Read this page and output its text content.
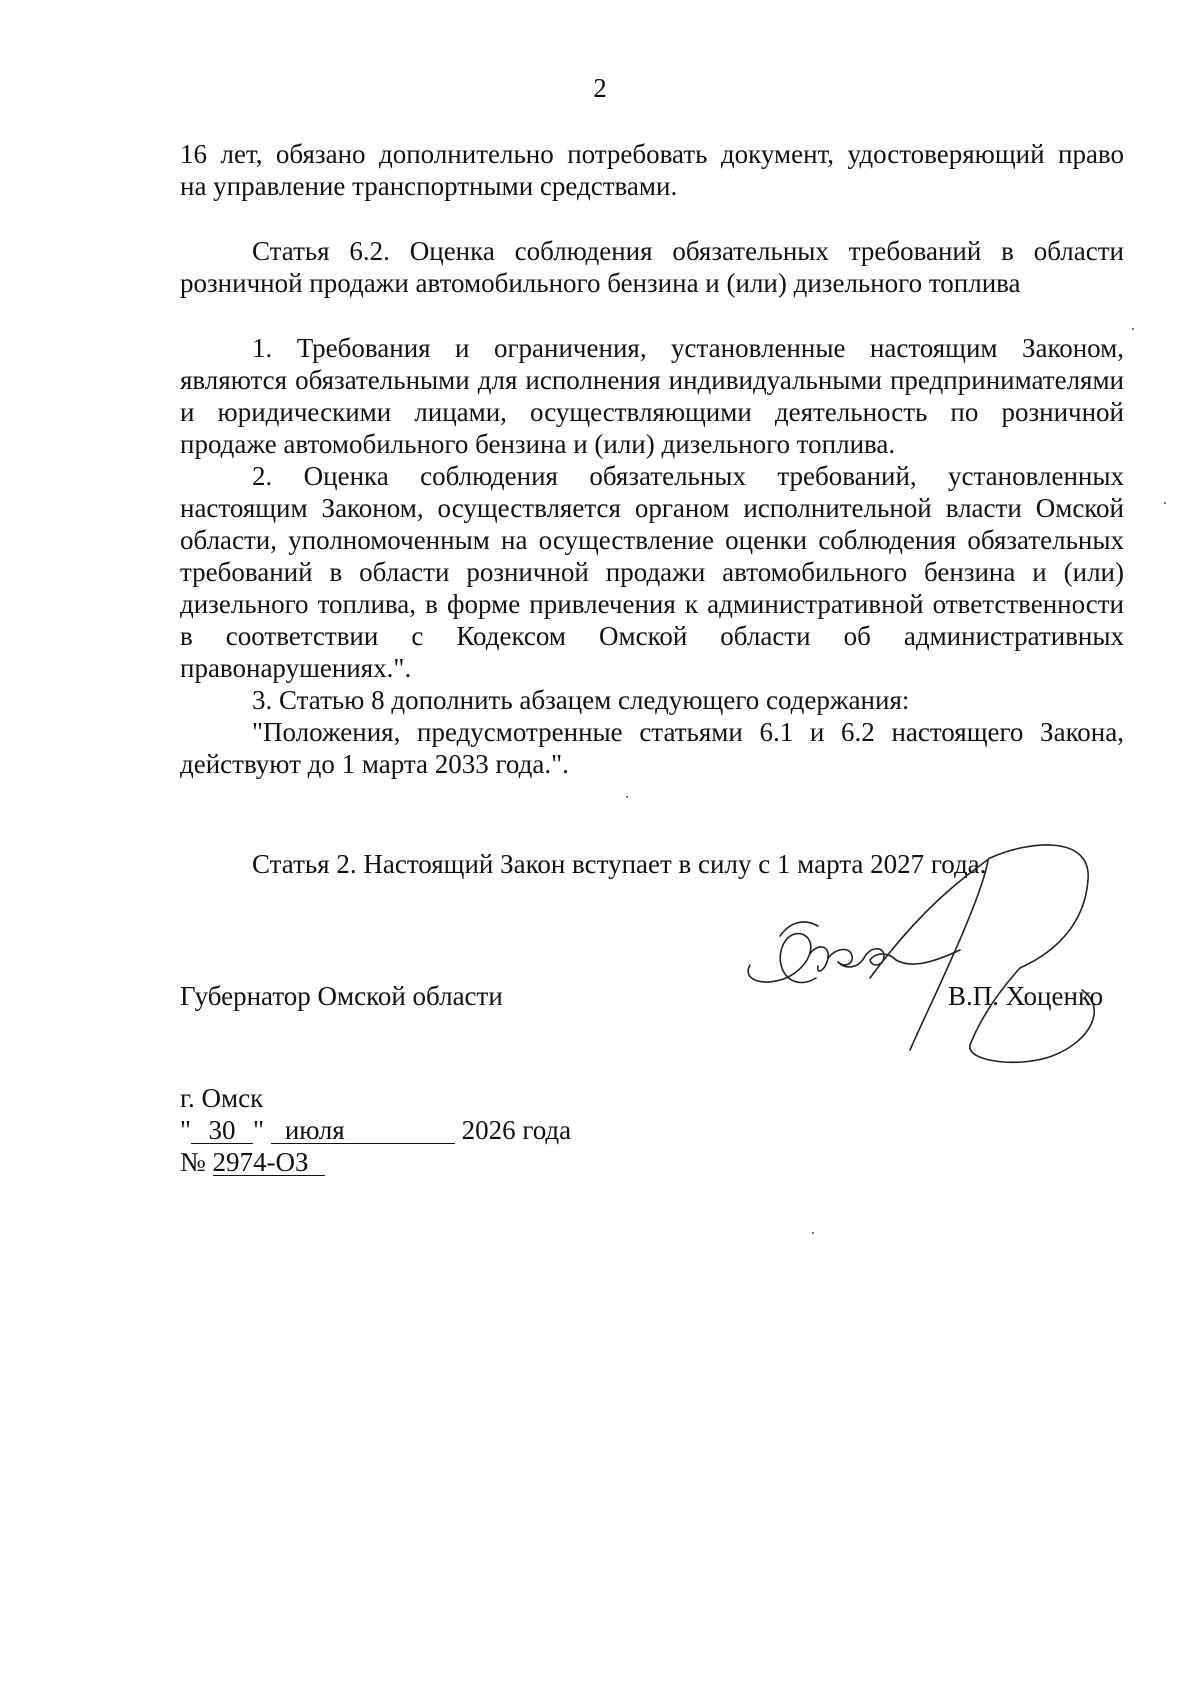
2

16 лет, обязано дополнительно потребовать документ, удостоверяющий право

на управление транспортными средствами.

Статья 6.2. Оценка соблюдения обязательных требований в области розничной продажи автомобильного бензина и (или) дизельного топлива

1. Требования и ограничения, установленные настоящим Законом, являются обязательными для исполнения индивидуальными предпринимателями и юридическими лицами, осуществляющими деятельность по розничной продаже автомобильного бензина и (или) дизельного топлива.

2. Оценка соблюдения обязательных требований, установленных настоящим Законом, осуществляется органом исполнительной власти Омской области, уполномоченным на осуществление оценки соблюдения обязательных требований в области розничной продажи автомобильного бензина и (или) дизельного топлива, в форме привлечения к административной ответственности в соответствии с Кодексом Омской области об административных правонарушениях.".

3. Статью 8 дополнить абзацем следующего содержания:

"Положения, предусмотренные статьями 6.1 и 6.2 настоящего Закона, действуют до 1 марта 2033 года.".

Статья 2. Настоящий Закон вступает в силу с 1 марта 2027 года.

Губернатор Омской области	В.П. Хоценко
г. Омск
" 30 " июля	2026 года
№ 2974-ОЗ
